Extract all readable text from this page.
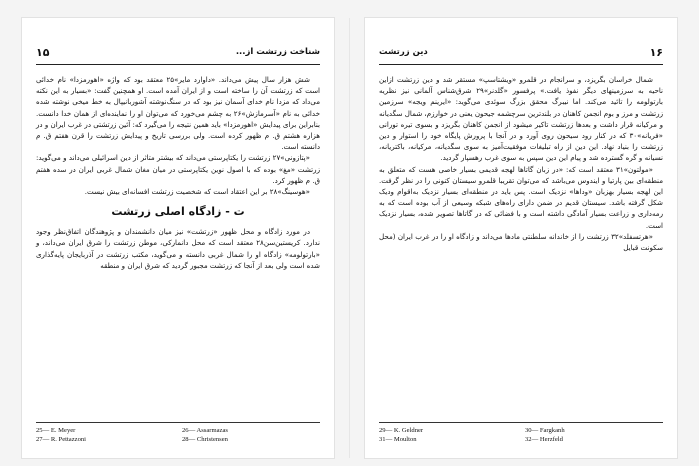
۱۵	شناخت زرتشت از...

شش هزار سال پیش می‌داند. «داوارد مایر»۲۵ معتقد بود که واژه «اهورمزدا» نام خدائی است که زرتشت آن را ساخته است و از ایران آمده است. او همچنین گفت: «بسیار به این نکته می‌داد که مزدا نام خدای آسمان نیز بود که در سنگ‌نوشته آشوربانیپال به خط میخی نوشته شده خدائی به نام «آسرمازش»۲۶ به چشم می‌خورد که می‌توان او را نماینده‌ای از همان خدا دانست. بنابراین برای پیدایش «اهورمزدا» باید همین نتیجه را می‌گیرد که: آئین زرتشتی در غرب ایران و در هزاره هشتم ق. م ظهور کرده است. ولی بررسی تاریخ و پیدایش زرتشت را قرن هفتم ق. م دانسته است.

«پتازونی»۲۷ زرتشت را یکتاپرستی می‌داند که بیشتر متاثر از دین اسرائیلی می‌داند و می‌گوید: زرتشت «مغ» بوده که با اصول نوین یکتاپرستی در میان مغان شمال غربی ایران در سده هفتم ق. م ظهور کرد.

«هوسینگ»۲۸ بر این اعتقاد است که شخصیت زرتشت افسانه‌ای بیش نیست.

ت - زادگاه اصلی زرتشت

در مورد زادگاه و محل ظهور «زرتشت» نیز میان دانشمندان و پژوهندگان اتفاق‌نظر وجود ندارد. کریستین‌سن۲۸ معتقد است که محل دانمارکی، موطن زرتشت را شرق ایران می‌داند، و «بارتولومه» زادگاه او را شمال غربی دانسته و می‌گوید، مکتب زرتشت در آذربایجان پایه‌گذاری شده است ولی بعد از آنجا که زرتشت مجبور گردید که شرق ایران و منطقه

25— E. Meyer	26— Assarmazas
27— R. Pettazzoni	28— Christensen
۱۶
دین زرتشت

شمال خراسان بگریزد، و سرانجام در قلمرو «ویشتاسپ» مستقر شد و دین زرتشت ازاین ناحیه به سرزمینهای دیگر نفوذ یافت.» پرفسور «گلدنر»۲۹ شرق‌شناس آلمانی نیز نظریه بارتولومه را تائید می‌کند. اما نیبرگ محقق بزرگ سوئدی می‌گوید: «ایرینم ویجه» سرزمین زرتشت و مرز و بوم انجمن کاهنان در بلندترین سرچشمه جیحون یعنی در خوارزم، شمال سگدیانه و مرکیانه قرار داشت و بعدها زرتشت تاکیر میشود از انجمن کاهنان بگریزد و بسوی تیره تورانی «فریانه»۳۰ که در کنار رود سیحون روی آورد و در آنجا با پرورش پایگاه خود را استوار و دین زرتشت را بنیاد نهاد. این دین از راه تبلیغات موفقیت‌آمیز به سوی سگدیانه، مرکیانه، باکتریانه، نسیانه و گره گسترده شد و پیام این دین سپس به سوی غرب رهسپار گردید.

«مولتون»۳۱ معتقد است که: «در زبان گاتاها لهجه قدیمی بسیار خاصی هست که متعلق به منطقه‌ای بین پارتیا و ایندوس می‌باشد که می‌توان تقریبا قلمرو سیستان کنونی را در نظر گرفت. این لهجه بسیار بهزبان «وداها» نزدیک است. پس باید در منطقه‌ای بسیار نزدیک به‌اقوام ودیک شکل گرفته باشد. سیستان قدیم در ضمن دارای راه‌های شبکه وسیعی از آب بوده است که به رمه‌داری و زراعت بسیار آمادگی داشته است و با فضائی که در گاتاها تصویر شده، بسیار نزدیک است.

«هرتسفلد»۳۲ زرتشت را از خاندانه سلطنتی مادها می‌داند و زادگاه او را در غرب ایران (محل سکونت قبایل

29— K. Geldner	30— Fargkanh
31— Moulton	32— Herzfeld
